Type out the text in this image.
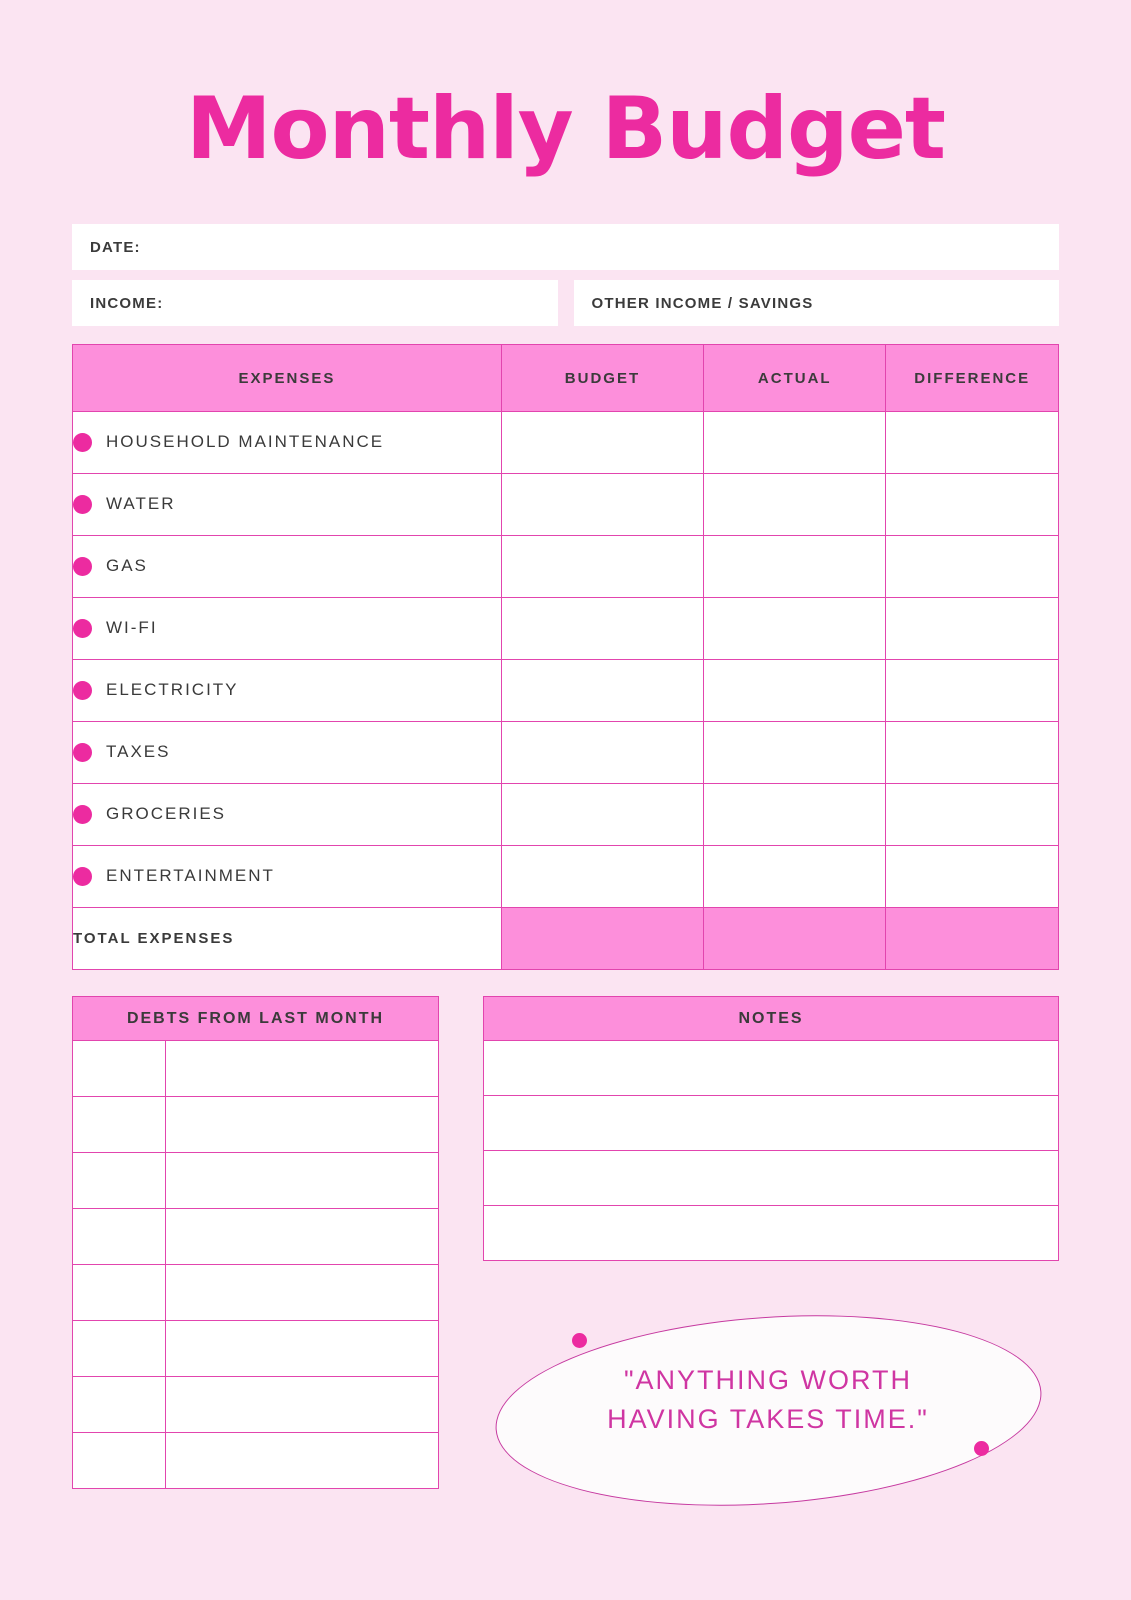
Monthly Budget
DATE:
INCOME:	OTHER INCOME / SAVINGS
EXPENSES	BUDGET	ACTUAL	DIFFERENCE
HOUSEHOLD MAINTENANCE			
WATER			
GAS			
WI-FI			
ELECTRICITY			
TAXES			
GROCERIES			
ENTERTAINMENT			
TOTAL EXPENSES			
DEBTS FROM LAST MONTH	NOTES
"ANYTHING WORTH
HAVING TAKES TIME."
